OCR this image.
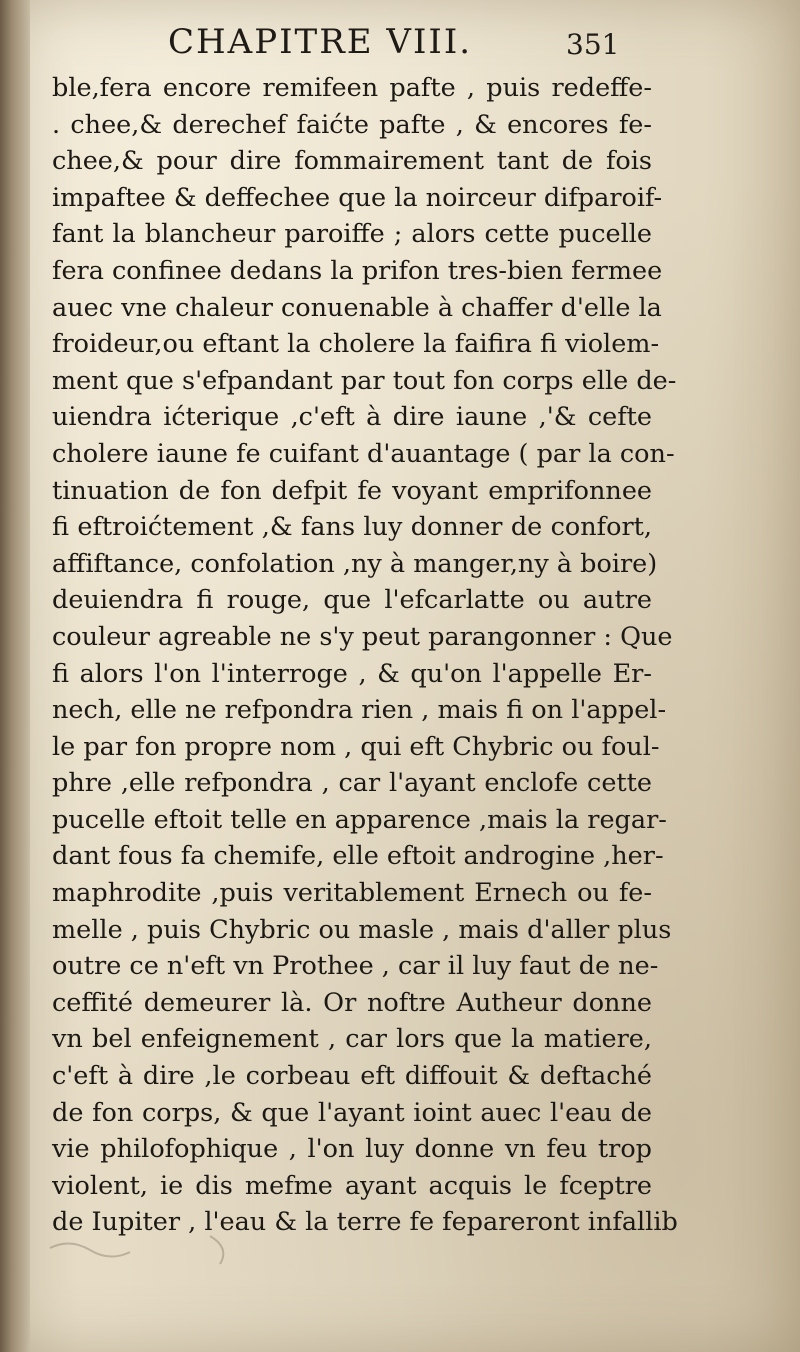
CHAPITRE VIII.	351
ble,fera encore remifeen pafte , puis redeffe-
. chee,& derechef faićte pafte , & encores fe-
chee,& pour dire fommairement tant de fois
impaftee & deffechee que la noirceur difparoif-
fant la blancheur paroiffe ; alors cette pucelle
fera confinee dedans la prifon tres-bien fermee
auec vne chaleur conuenable à chaffer d'elle la
froideur,ou eftant la cholere la faifira fi violem-
ment que s'efpandant par tout fon corps elle de-
uiendra ićterique ,c'eft à dire iaune ,'& cefte
cholere iaune fe cuifant d'auantage ( par la con-
tinuation de fon defpit fe voyant emprifonnee
fi eftroićtement ,& fans luy donner de confort,
affiftance, confolation ,ny à manger,ny à boire)
deuiendra fi rouge, que l'efcarlatte ou autre
couleur agreable ne s'y peut parangonner : Que
fi alors l'on l'interroge , & qu'on l'appelle Er-
nech, elle ne refpondra rien , mais fi on l'appel-
le par fon propre nom , qui eft Chybric ou foul-
phre ,elle refpondra , car l'ayant enclofe cette
pucelle eftoit telle en apparence ,mais la regar-
dant fous fa chemife, elle eftoit androgine ,her-
maphrodite ,puis veritablement Ernech ou fe-
melle , puis Chybric ou masle , mais d'aller plus
outre ce n'eft vn Prothee , car il luy faut de ne-
ceffité demeurer là. Or noftre Autheur donne
vn bel enfeignement , car lors que la matiere,
c'eft à dire ,le corbeau eft diffouit & deftaché
de fon corps, & que l'ayant ioint auec l'eau de
vie philofophique , l'on luy donne vn feu trop
violent, ie dis mefme ayant acquis le fceptre
de Iupiter , l'eau & la terre fe fepareront infallib
